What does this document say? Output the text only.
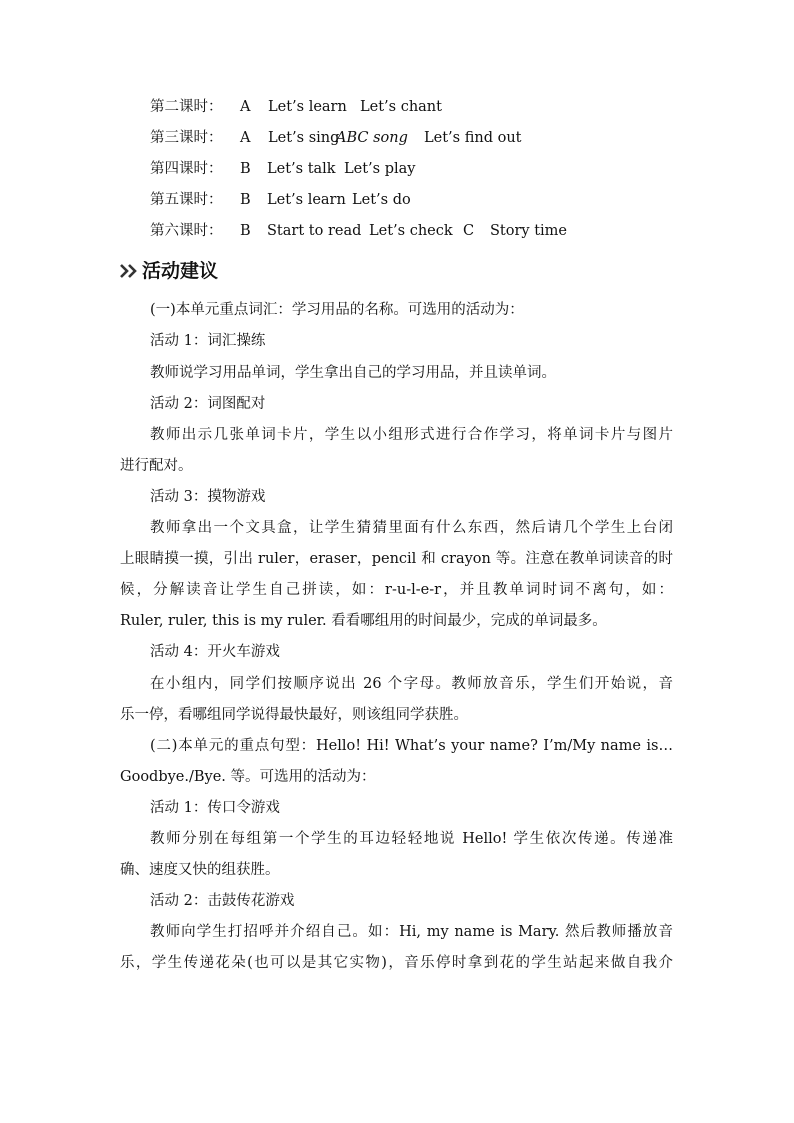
第二课时： A Let’s learn Let’s chant
第三课时： A Let’s sing
ABC song Let’s find out
第四课时： B Let’s talk Let’s play
第五课时： B Let’s learn Let’s do
第六课时： B Start to read Let’s check C Story time
活动建议
(一)本单元重点词汇：学习用品的名称。可选用的活动为：
活动 1：词汇操练
教师说学习用品单词，学生拿出自己的学习用品，并且读单词。
活动 2：词图配对
教师出示几张单词卡片，学生以小组形式进行合作学习，将单词卡片与图片
进行配对。
活动 3：摸物游戏
教师拿出一个文具盒，让学生猜猜里面有什么东西，然后请几个学生上台闭
上眼睛摸一摸，引出 ruler，eraser，pencil 和 crayon 等。注意在教单词读音的时
候，分解读音让学生自己拼读，如：r-u-l-e-r，并且教单词时词不离句，如：
Ruler, ruler, this is my ruler. 看看哪组用的时间最少，完成的单词最多。
活动 4：开火车游戏
在小组内，同学们按顺序说出 26 个字母。教师放音乐，学生们开始说，音
乐一停，看哪组同学说得最快最好，则该组同学获胜。
(二)本单元的重点句型：Hello! Hi! What’s your name? I’m/My name is…
Goodbye./Bye. 等。可选用的活动为：
活动 1：传口令游戏
教师分别在每组第一个学生的耳边轻轻地说 Hello! 学生依次传递。传递准
确、速度又快的组获胜。
活动 2：击鼓传花游戏
教师向学生打招呼并介绍自己。如：Hi, my name is Mary. 然后教师播放音
乐，学生传递花朵(也可以是其它实物)，音乐停时拿到花的学生站起来做自我介
